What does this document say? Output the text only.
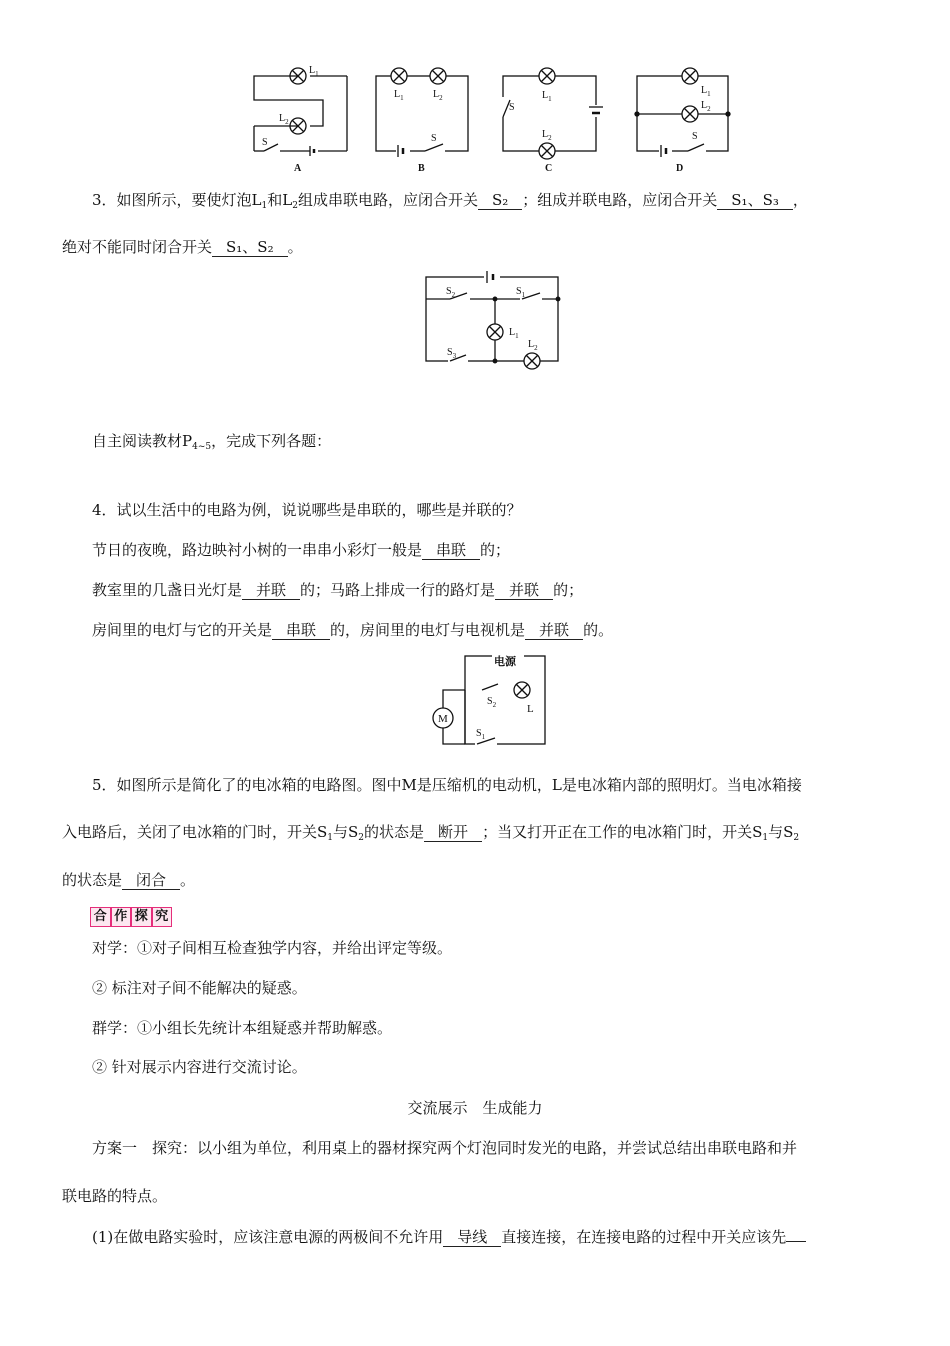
$L_1$
$L_2$
S
A
$L_1$	$L_2$
S
B
$L_1$
$L_2$
S
C
$L_1$
$L_2$
S
D
3．如图所示，要使灯泡$L_1$和$L_2$组成串联电路，应闭合开关 S₂ ；组成并联电路，应闭合开关 S₁、S₃ ，
绝对不能同时闭合开关 S₁、S₂ 。
$S_2$	$S_1$
$S_3$
$L_1$
$L_2$
自主阅读教材$P_{4\sim 5}$，完成下列各题：
4．试以生活中的电路为例，说说哪些是串联的，哪些是并联的？
节日的夜晚，路边映衬小树的一串串小彩灯一般是 串联 的；
教室里的几盏日光灯是 并联 的；马路上排成一行的路灯是 并联 的；
房间里的电灯与它的开关是 串联 的，房间里的电灯与电视机是 并联 的。
电源
M
L
$S_2$
$S_1$
5．如图所示是简化了的电冰箱的电路图。图中M是压缩机的电动机，L是电冰箱内部的照明灯。当电冰箱接
入电路后，关闭了电冰箱的门时，开关$S_1$与$S_2$的状态是 断开 ；当又打开正在工作的电冰箱门时，开关$S_1$与$S_2$
的状态是 闭合 。
合 作 探 究
对学：①对子间相互检查独学内容，并给出评定等级。
② 标注对子间不能解决的疑惑。
群学：①小组长先统计本组疑惑并帮助解惑。
② 针对展示内容进行交流讨论。
交流展示　生成能力
方案一　探究：以小组为单位，利用桌上的器材探究两个灯泡同时发光的电路，并尝试总结出串联电路和并
联电路的特点。
(1)在做电路实验时，应该注意电源的两极间不允许用 导线 直接连接，在连接电路的过程中开关应该先
